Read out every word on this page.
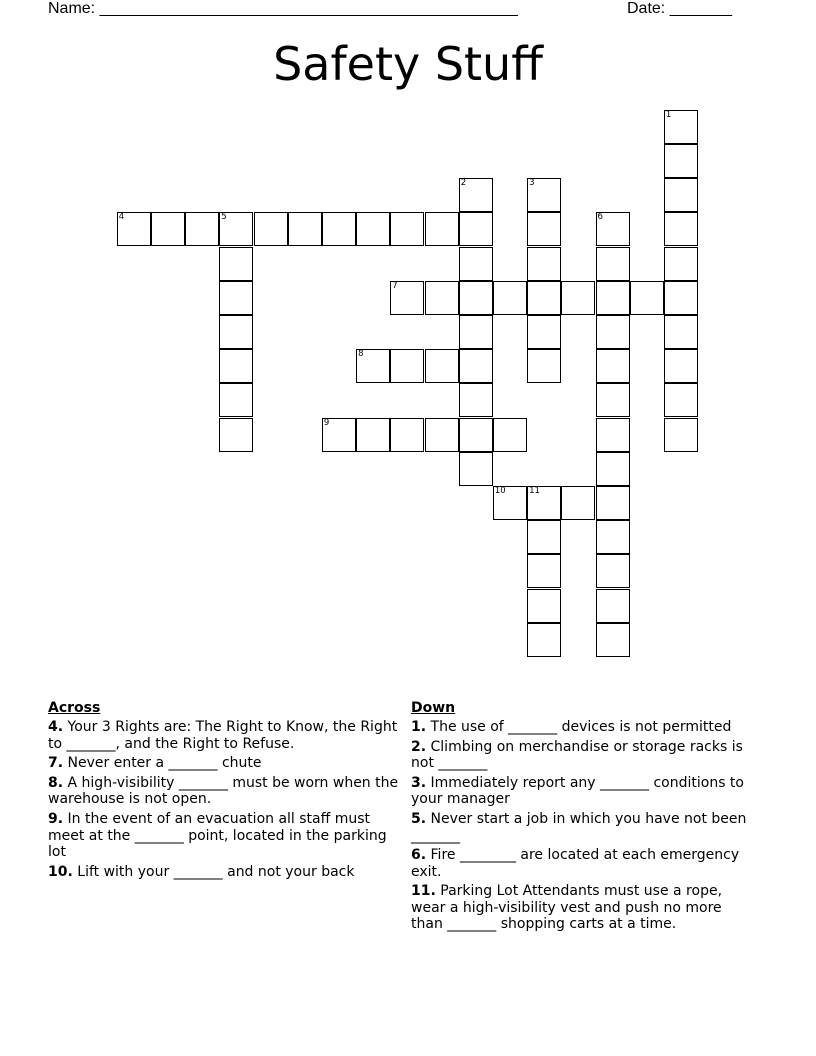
Name: _______________________________________________	Date: _______
Safety Stuff
1
2	3
4	5	6
7
8
9
10	11
Across
4. Your 3 Rights are: The Right to Know, the Right to _______, and the Right to Refuse.
7. Never enter a _______ chute
8. A high-visibility _______ must be worn when the warehouse is not open.
9. In the event of an evacuation all staff must meet at the _______ point, located in the parking lot
10. Lift with your _______ and not your back
Down
1. The use of _______ devices is not permitted
2. Climbing on merchandise or storage racks is not _______
3. Immediately report any _______ conditions to your manager
5. Never start a job in which you have not been _______
6. Fire ________ are located at each emergency exit.
11. Parking Lot Attendants must use a rope, wear a high-visibility vest and push no more than _______ shopping carts at a time.
